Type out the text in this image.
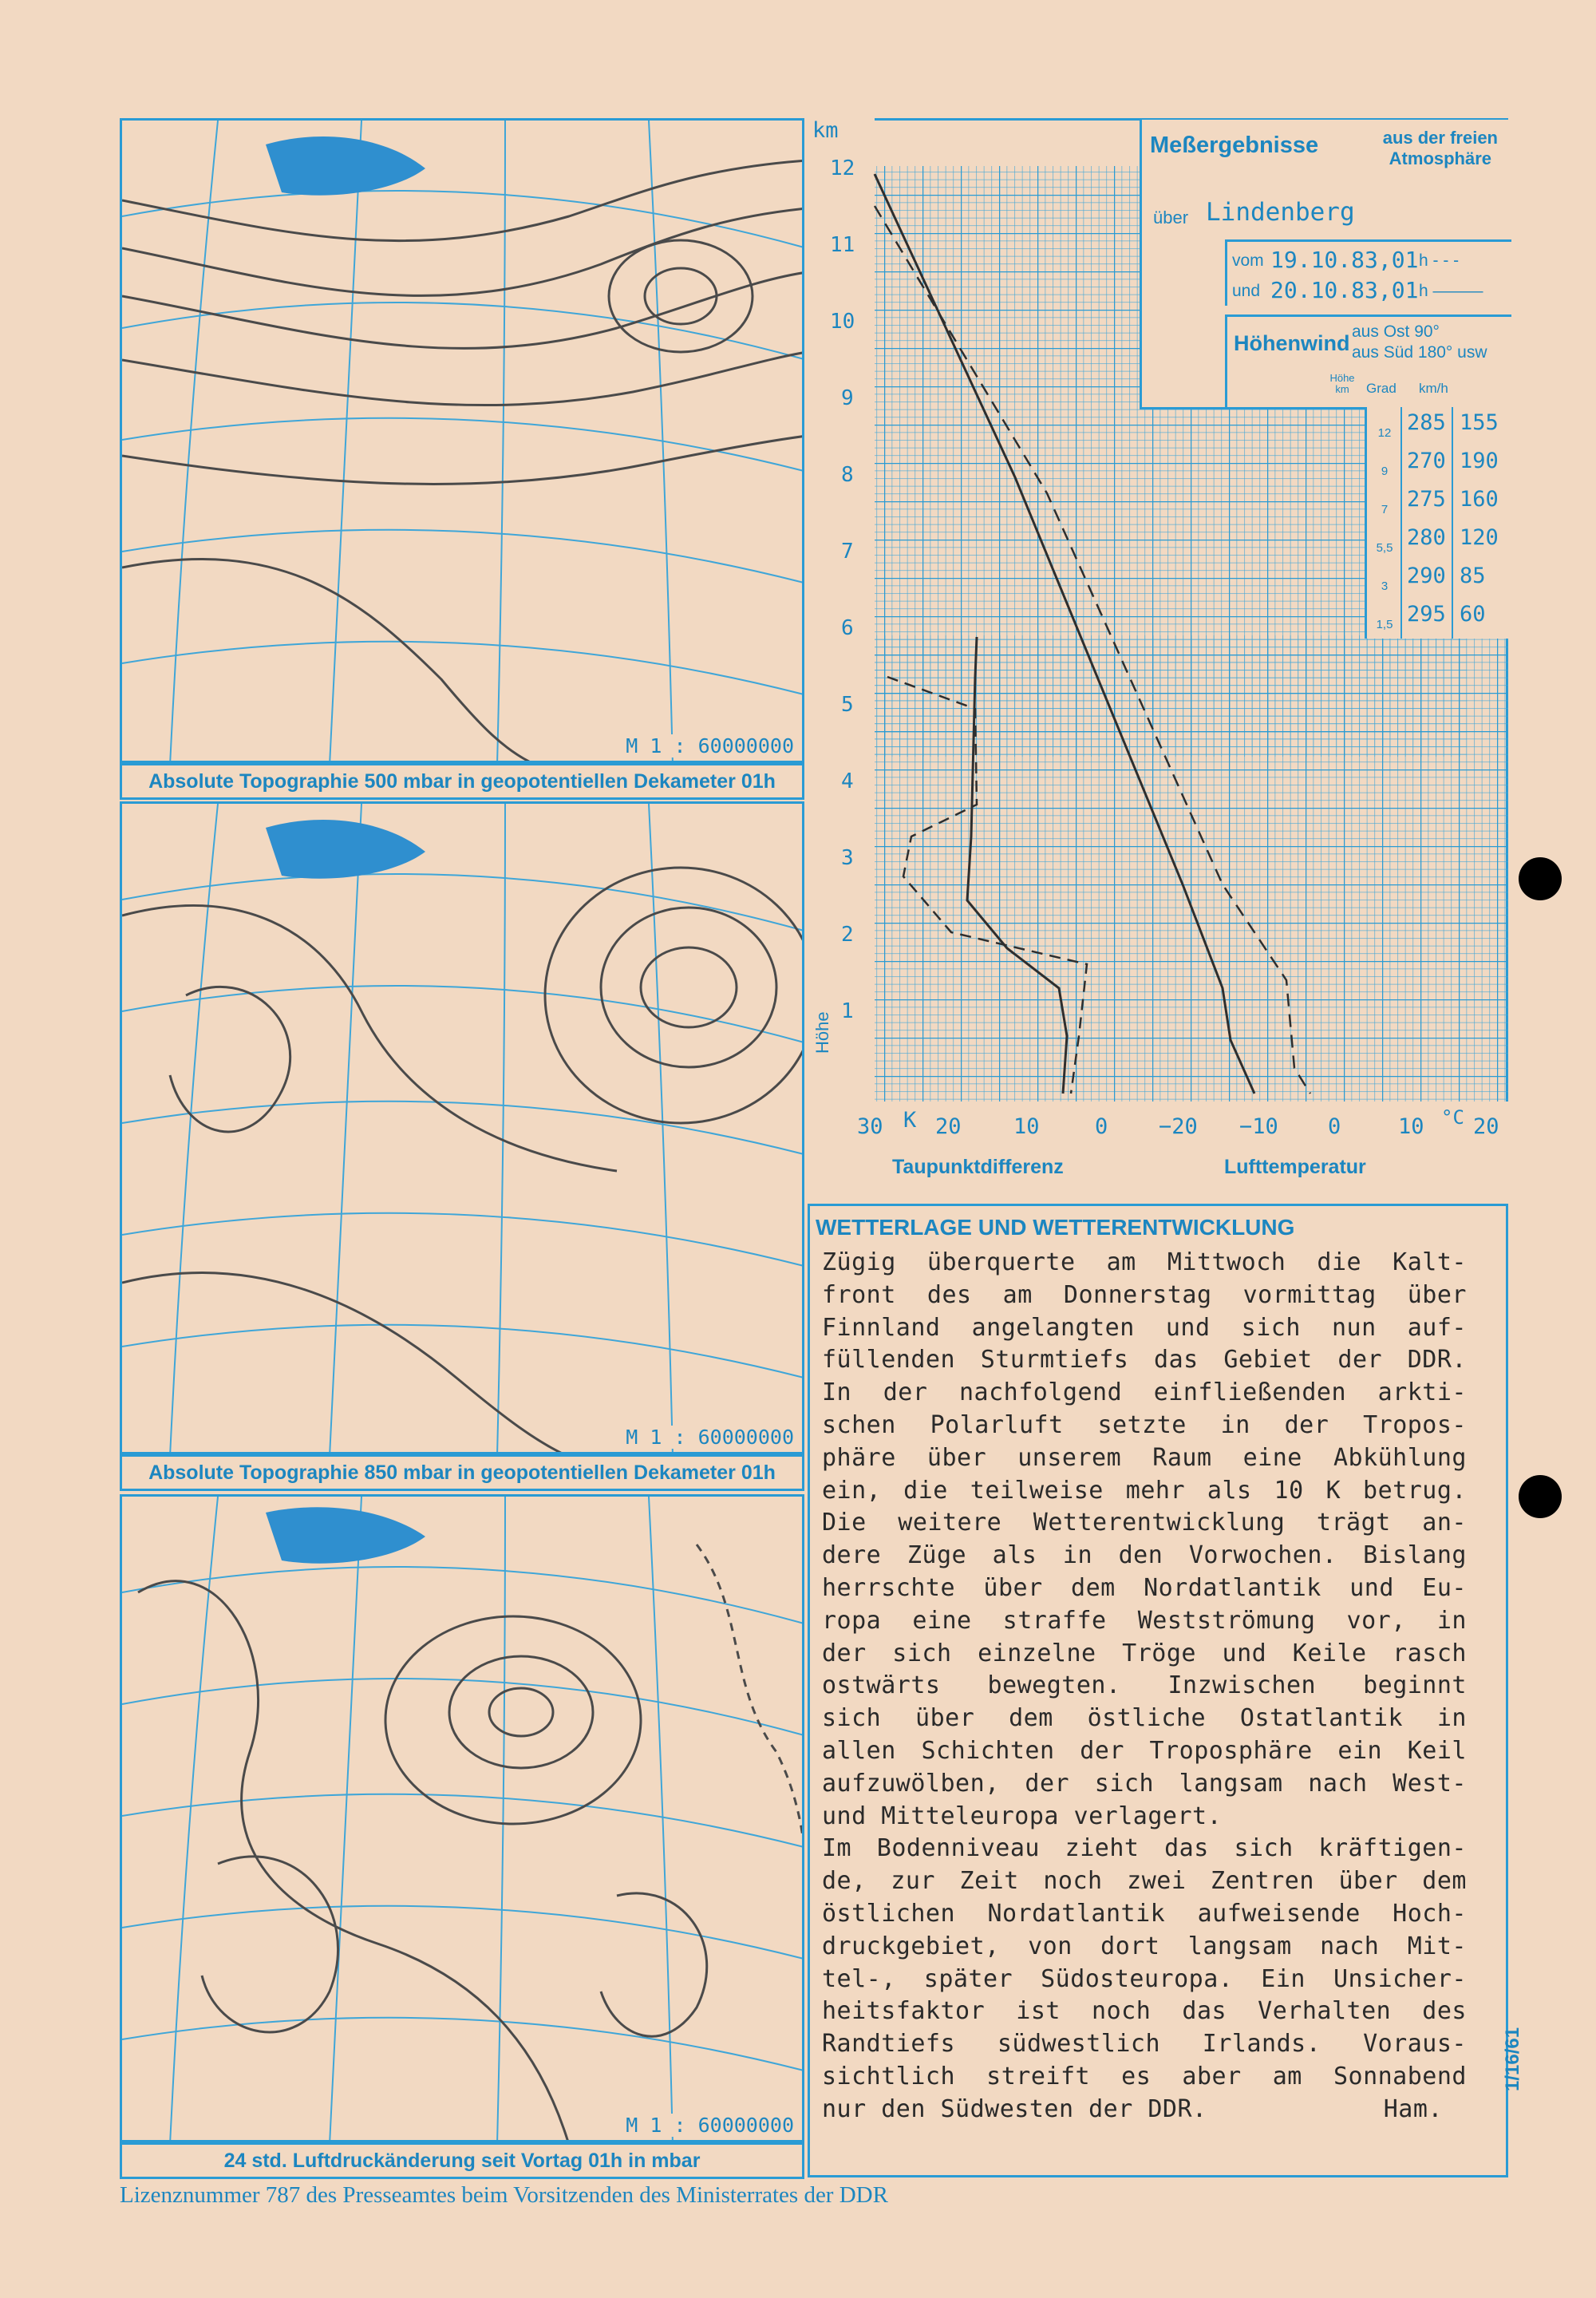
M 1 : 60000000
Absolute Topographie 500 mbar in geopotentiellen Dekameter 01h
M 1 : 60000000
Absolute Topographie 850 mbar in geopotentiellen Dekameter 01h
M 1 : 60000000
24 std. Luftdruckänderung seit Vortag 01h in mbar
km
12
11
10
9
8
7
6
5
4
3
2
1
Höhe
30 K 20 10	0 −20 −10 0	10 °C 20
Taupunktdifferenz	Lufttemperatur
Meßergebnisse	aus der freien
Atmosphäre
über Lindenberg
vom 19.10.83,01 h - - -
und 20.10.83,01 h ———
Höhenwind aus Ost 90°
aus Süd 180° usw
Höhe km	Grad km/h
12 285 155
9 270 190
7 275 160
5,5 280 120
3 290 85
1,5 295 60
WETTERLAGE UND WETTERENTWICKLUNG

Zügig überquerte am Mittwoch die Kalt-

front des am Donnerstag vormittag über

Finnland angelangten und sich nun auf-

füllenden Sturmtiefs das Gebiet der DDR.

In der nachfolgend einfließenden arkti-

schen Polarluft setzte in der Tropos-

phäre über unserem Raum eine Abkühlung

ein, die teilweise mehr als 10 K betrug.

Die weitere Wetterentwicklung trägt an-

dere Züge als in den Vorwochen. Bislang

herrschte über dem Nordatlantik und Eu-

ropa eine straffe Westströmung vor, in

der sich einzelne Tröge und Keile rasch

ostwärts bewegten. Inzwischen beginnt

sich über dem östliche Ostatlantik in

allen Schichten der Troposphäre ein Keil

aufzuwölben, der sich langsam nach West-

und Mitteleuropa verlagert.

Im Bodenniveau zieht das sich kräftigen-

de, zur Zeit noch zwei Zentren über dem

östlichen Nordatlantik aufweisende Hoch-

druckgebiet, von dort langsam nach Mit-

tel-, später Südosteuropa. Ein Unsicher-

heitsfaktor ist noch das Verhalten des

Randtiefs südwestlich Irlands. Voraus-

sichtlich streift es aber am Sonnabend

nur den Südwesten der DDR.	Ham.

1/16/61
Lizenznummer 787 des Presseamtes beim Vorsitzenden des Ministerrates der DDR
